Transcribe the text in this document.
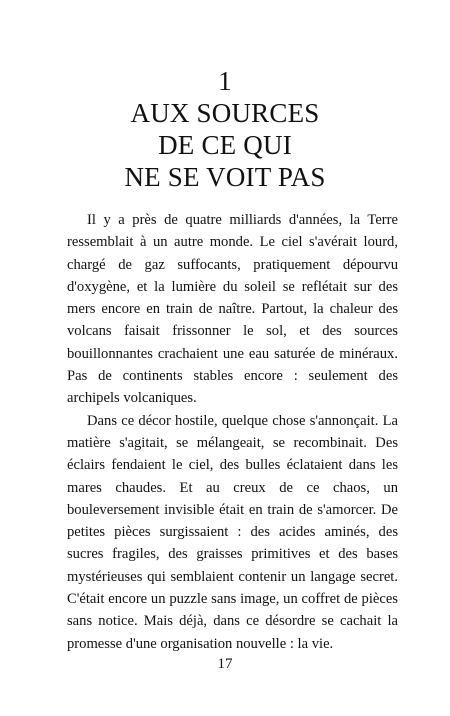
1
AUX SOURCES
DE CE QUI
NE SE VOIT PAS

Il y a près de quatre milliards d'années, la Terre ressemblait à un autre monde. Le ciel s'avérait lourd, chargé de gaz suffocants, pratiquement dépourvu d'oxygène, et la lumière du soleil se reflétait sur des mers encore en train de naître. Partout, la chaleur des volcans faisait frissonner le sol, et des sources bouillonnantes crachaient une eau saturée de minéraux. Pas de continents stables encore : seulement des archipels volcaniques.

Dans ce décor hostile, quelque chose s'annonçait. La matière s'agitait, se mélangeait, se recombinait. Des éclairs fendaient le ciel, des bulles éclataient dans les mares chaudes. Et au creux de ce chaos, un bouleversement invisible était en train de s'amorcer. De petites pièces surgissaient : des acides aminés, des sucres fragiles, des graisses primitives et des bases mystérieuses qui semblaient contenir un langage secret. C'était encore un puzzle sans image, un coffret de pièces sans notice. Mais déjà, dans ce désordre se cachait la promesse d'une organisation nouvelle : la vie.

17
